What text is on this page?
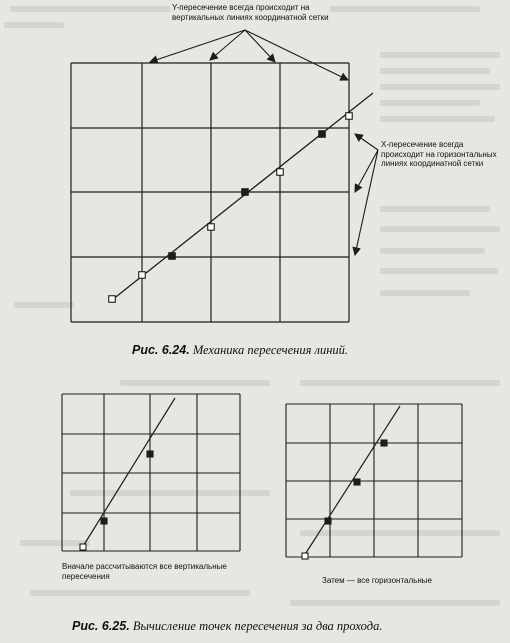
Y-пересечение всегда происходит на вертикальных линиях координатной сетки
X-пересечение всегда происходит на горизонтальных линиях координатной сетки
Рис. 6.24. Механика пересечения линий.
Вначале рассчитываются все вертикальные пересечения	Затем — все горизонтальные
Рис. 6.25. Вычисление точек пересечения за два прохода.
